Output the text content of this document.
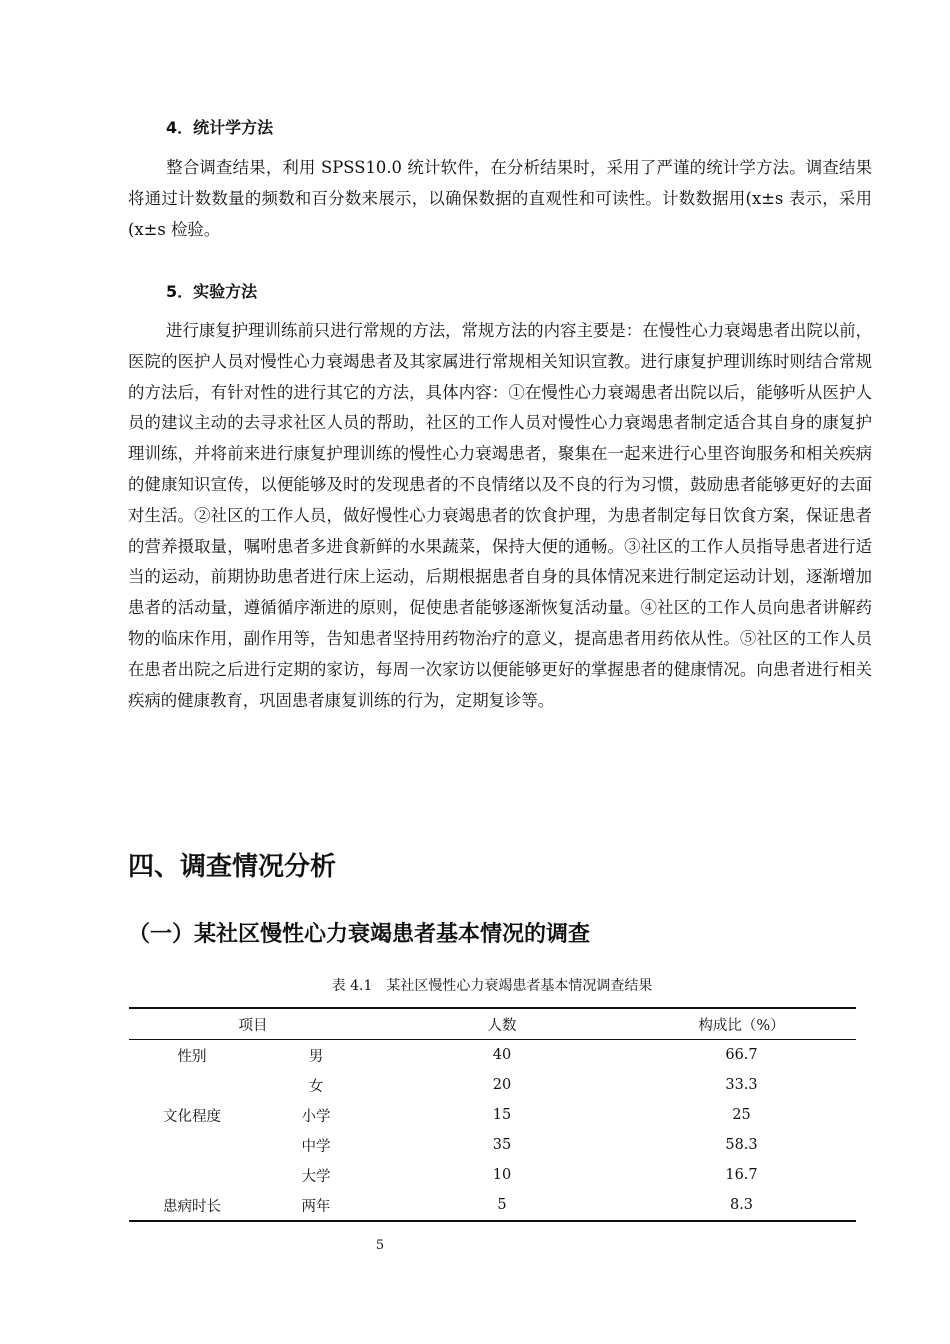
4．统计学方法

整合调查结果，利用 SPSS10.0 统计软件，在分析结果时，采用了严谨的统计学方法。调查结果将通过计数数量的频数和百分数来展示，以确保数据的直观性和可读性。计数数据用(x±s 表示，采用(x±s 检验。

5．实验方法

进行康复护理训练前只进行常规的方法，常规方法的内容主要是：在慢性心力衰竭患者出院以前，医院的医护人员对慢性心力衰竭患者及其家属进行常规相关知识宣教。进行康复护理训练时则结合常规的方法后，有针对性的进行其它的方法，具体内容：①在慢性心力衰竭患者出院以后，能够听从医护人员的建议主动的去寻求社区人员的帮助，社区的工作人员对慢性心力衰竭患者制定适合其自身的康复护理训练，并将前来进行康复护理训练的慢性心力衰竭患者，聚集在一起来进行心里咨询服务和相关疾病的健康知识宣传，以便能够及时的发现患者的不良情绪以及不良的行为习惯，鼓励患者能够更好的去面对生活。②社区的工作人员，做好慢性心力衰竭患者的饮食护理，为患者制定每日饮食方案，保证患者的营养摄取量，嘱咐患者多进食新鲜的水果蔬菜，保持大便的通畅。③社区的工作人员指导患者进行适当的运动，前期协助患者进行床上运动，后期根据患者自身的具体情况来进行制定运动计划，逐渐增加患者的活动量，遵循循序渐进的原则，促使患者能够逐渐恢复活动量。④社区的工作人员向患者讲解药物的临床作用，副作用等，告知患者坚持用药物治疗的意义，提高患者用药依从性。⑤社区的工作人员在患者出院之后进行定期的家访，每周一次家访以便能够更好的掌握患者的健康情况。向患者进行相关疾病的健康教育，巩固患者康复训练的行为，定期复诊等。

四、调查情况分析
（一）某社区慢性心力衰竭患者基本情况的调查
表 4.1　某社区慢性心力衰竭患者基本情况调查结果
项目		人数	构成比（%）
性别	男	40	66.7
	女	20	33.3
文化程度	小学	15	25
	中学	35	58.3
	大学	10	16.7
患病时长	两年	5	8.3
5
